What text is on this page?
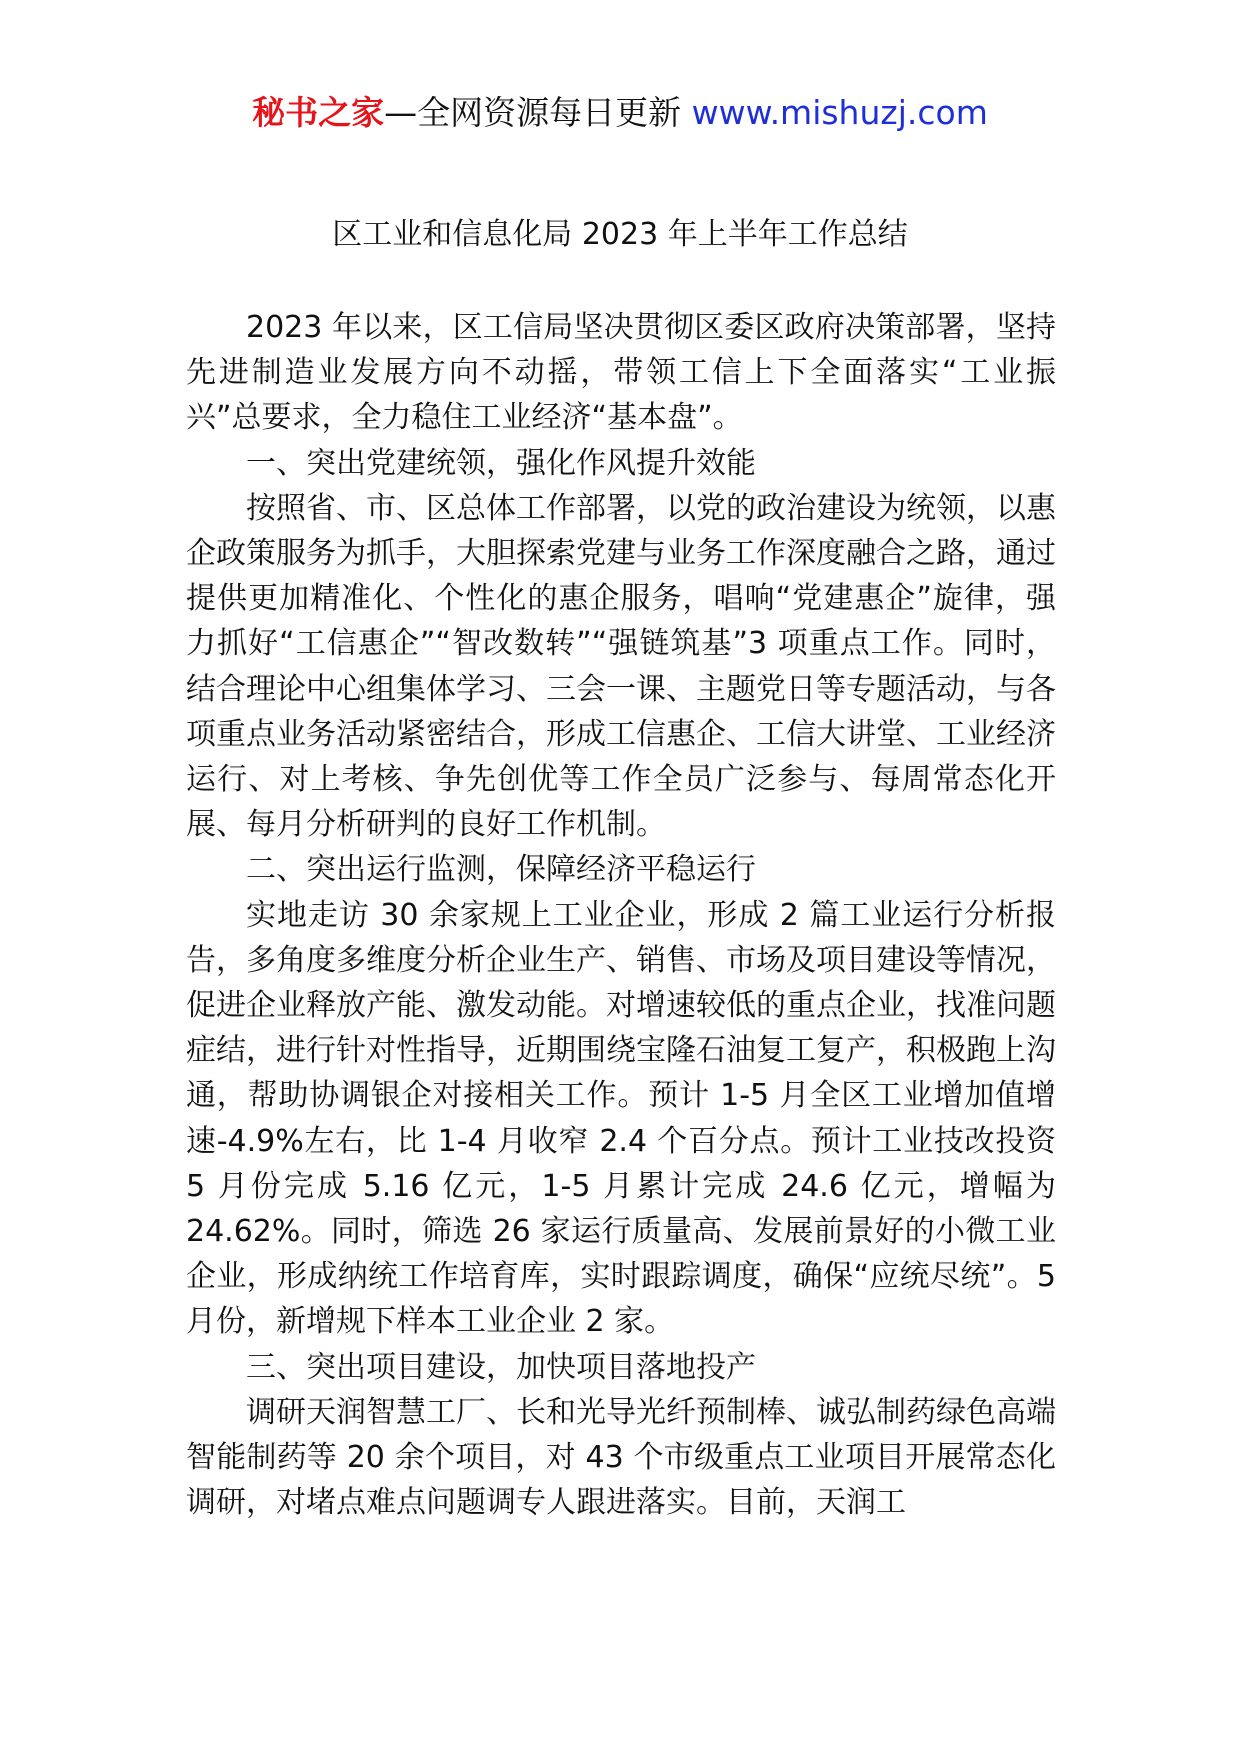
秘书之家—全网资源每日更新 www.mishuzj.com
区工业和信息化局 2023 年上半年工作总结

2023 年以来，区工信局坚决贯彻区委区政府决策部署，坚持先进制造业发展方向不动摇，带领工信上下全面落实“工业振兴”总要求，全力稳住工业经济“基本盘”。

一、突出党建统领，强化作风提升效能

按照省、市、区总体工作部署，以党的政治建设为统领，以惠企政策服务为抓手，大胆探索党建与业务工作深度融合之路，通过提供更加精准化、个性化的惠企服务，唱响“党建惠企”旋律，强力抓好“工信惠企”“智改数转”“强链筑基”3 项重点工作。同时，结合理论中心组集体学习、三会一课、主题党日等专题活动，与各项重点业务活动紧密结合，形成工信惠企、工信大讲堂、工业经济运行、对上考核、争先创优等工作全员广泛参与、每周常态化开展、每月分析研判的良好工作机制。

二、突出运行监测，保障经济平稳运行

实地走访 30 余家规上工业企业，形成 2 篇工业运行分析报告，多角度多维度分析企业生产、销售、市场及项目建设等情况，促进企业释放产能、激发动能。对增速较低的重点企业，找准问题症结，进行针对性指导，近期围绕宝隆石油复工复产，积极跑上沟通，帮助协调银企对接相关工作。预计 1-5 月全区工业增加值增速-4.9%左右，比 1-4 月收窄 2.4 个百分点。预计工业技改投资 5 月份完成 5.16 亿元，1-5 月累计完成 24.6 亿元，增幅为 24.62%。同时，筛选 26 家运行质量高、发展前景好的小微工业企业，形成纳统工作培育库，实时跟踪调度，确保“应统尽统”。5 月份，新增规下样本工业企业 2 家。

三、突出项目建设，加快项目落地投产

调研天润智慧工厂、长和光导光纤预制棒、诚弘制药绿色高端智能制药等 20 余个项目，对 43 个市级重点工业项目开展常态化调研，对堵点难点问题调专人跟进落实。目前，天润工
